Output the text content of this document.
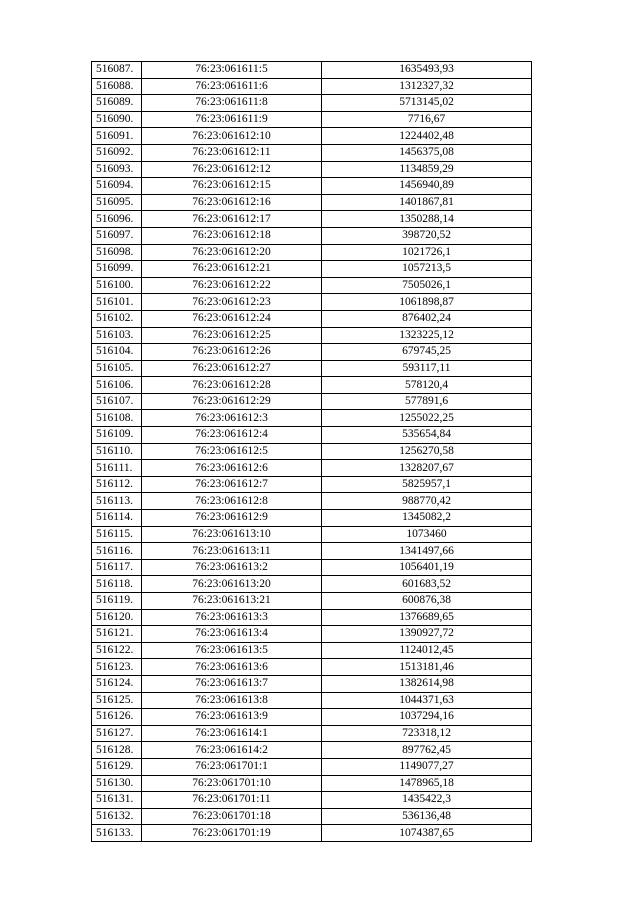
516087.	76:23:061611:5	1635493,93
516088.	76:23:061611:6	1312327,32
516089.	76:23:061611:8	5713145,02
516090.	76:23:061611:9	7716,67
516091.	76:23:061612:10	1224402,48
516092.	76:23:061612:11	1456375,08
516093.	76:23:061612:12	1134859,29
516094.	76:23:061612:15	1456940,89
516095.	76:23:061612:16	1401867,81
516096.	76:23:061612:17	1350288,14
516097.	76:23:061612:18	398720,52
516098.	76:23:061612:20	1021726,1
516099.	76:23:061612:21	1057213,5
516100.	76:23:061612:22	7505026,1
516101.	76:23:061612:23	1061898,87
516102.	76:23:061612:24	876402,24
516103.	76:23:061612:25	1323225,12
516104.	76:23:061612:26	679745,25
516105.	76:23:061612:27	593117,11
516106.	76:23:061612:28	578120,4
516107.	76:23:061612:29	577891,6
516108.	76:23:061612:3	1255022,25
516109.	76:23:061612:4	535654,84
516110.	76:23:061612:5	1256270,58
516111.	76:23:061612:6	1328207,67
516112.	76:23:061612:7	5825957,1
516113.	76:23:061612:8	988770,42
516114.	76:23:061612:9	1345082,2
516115.	76:23:061613:10	1073460
516116.	76:23:061613:11	1341497,66
516117.	76:23:061613:2	1056401,19
516118.	76:23:061613:20	601683,52
516119.	76:23:061613:21	600876,38
516120.	76:23:061613:3	1376689,65
516121.	76:23:061613:4	1390927,72
516122.	76:23:061613:5	1124012,45
516123.	76:23:061613:6	1513181,46
516124.	76:23:061613:7	1382614,98
516125.	76:23:061613:8	1044371,63
516126.	76:23:061613:9	1037294,16
516127.	76:23:061614:1	723318,12
516128.	76:23:061614:2	897762,45
516129.	76:23:061701:1	1149077,27
516130.	76:23:061701:10	1478965,18
516131.	76:23:061701:11	1435422,3
516132.	76:23:061701:18	536136,48
516133.	76:23:061701:19	1074387,65
